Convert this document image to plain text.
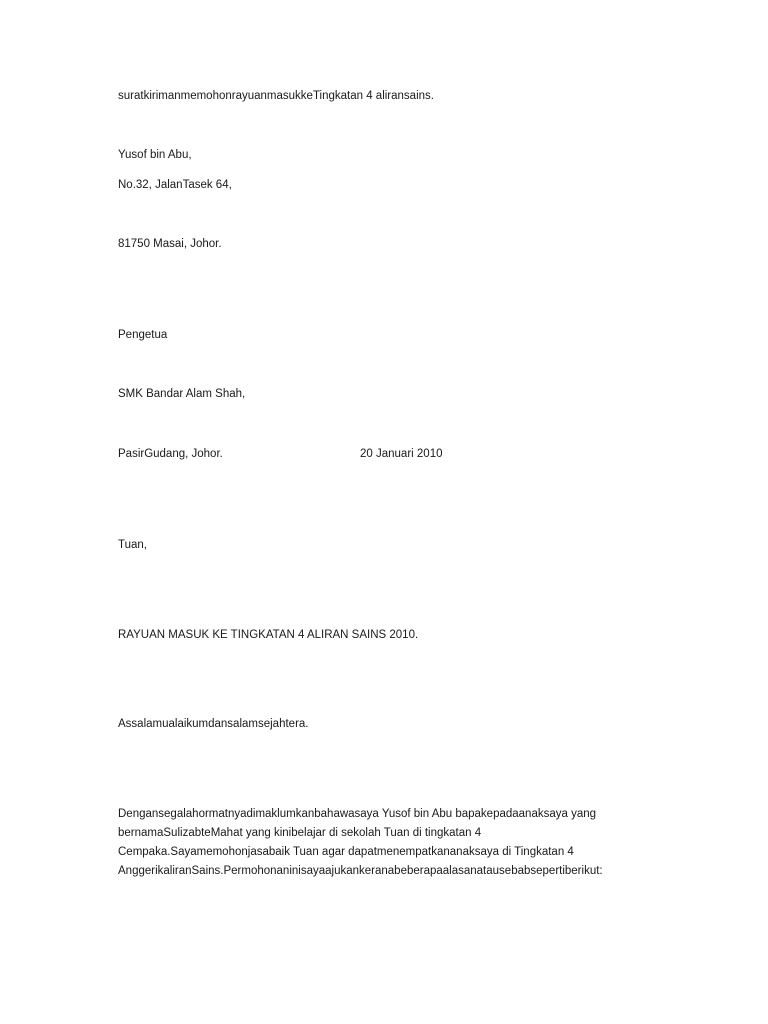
suratkirimanmemohonrayuanmasukkeTingkatan 4 aliransains.
Yusof bin Abu,
No.32, JalanTasek 64,
81750 Masai, Johor.
Pengetua
SMK Bandar Alam Shah,
PasirGudang, Johor.	20 Januari 2010
Tuan,
RAYUAN MASUK KE TINGKATAN 4 ALIRAN SAINS 2010.
Assalamualaikumdansalamsejahtera.
Dengansegalahormatnyadimaklumkanbahawasaya Yusof bin Abu bapakepadaanaksaya yang
bernamaSulizabteMahat yang kinibelajar di sekolah Tuan di tingkatan 4
Cempaka.Sayamemohonjasabaik Tuan agar dapatmenempatkananaksaya di Tingkatan 4
AnggerikaliranSains.Permohonaninisayaajukankeranabeberapaalasanatausebabsepertiberikut:
